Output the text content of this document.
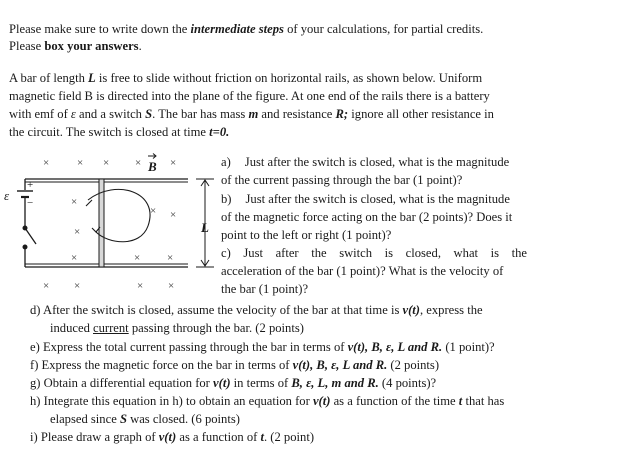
Please make sure to write down the intermediate steps of your calculations, for partial credits.
Please box your answers.
A bar of length L is free to slide without friction on horizontal rails, as shown below. Uniform
magnetic field B is directed into the plane of the figure. At one end of the rails there is a battery
with emf of ε and a switch S. The bar has mass m and resistance R; ignore all other resistance in
the circuit. The switch is closed at time t=0.
×	× × ×	×
×
× ×
×
×	× ×
× ×	× ×
B
+
−
ε
L
a) Just after the switch is closed, what is the magnitude
of the current passing through the bar (1 point)?
b) Just after the switch is closed, what is the magnitude
of the magnetic force acting on the bar (2 points)? Does it
point to the left or right (1 point)?
c) Just after the switch is closed, what is the
acceleration of the bar (1 point)? What is the velocity of
the bar (1 point)?
d) After the switch is closed, assume the velocity of the bar at that time is v(t), express the
induced current passing through the bar. (2 points)
e) Express the total current passing through the bar in terms of v(t), B, ε, L and R. (1 point)?
f) Express the magnetic force on the bar in terms of v(t), B, ε, L and R. (2 points)
g) Obtain a differential equation for v(t) in terms of B, ε, L, m and R. (4 points)?
h) Integrate this equation in h) to obtain an equation for v(t) as a function of the time t that has
elapsed since S was closed. (6 points)
i) Please draw a graph of v(t) as a function of t. (2 point)
